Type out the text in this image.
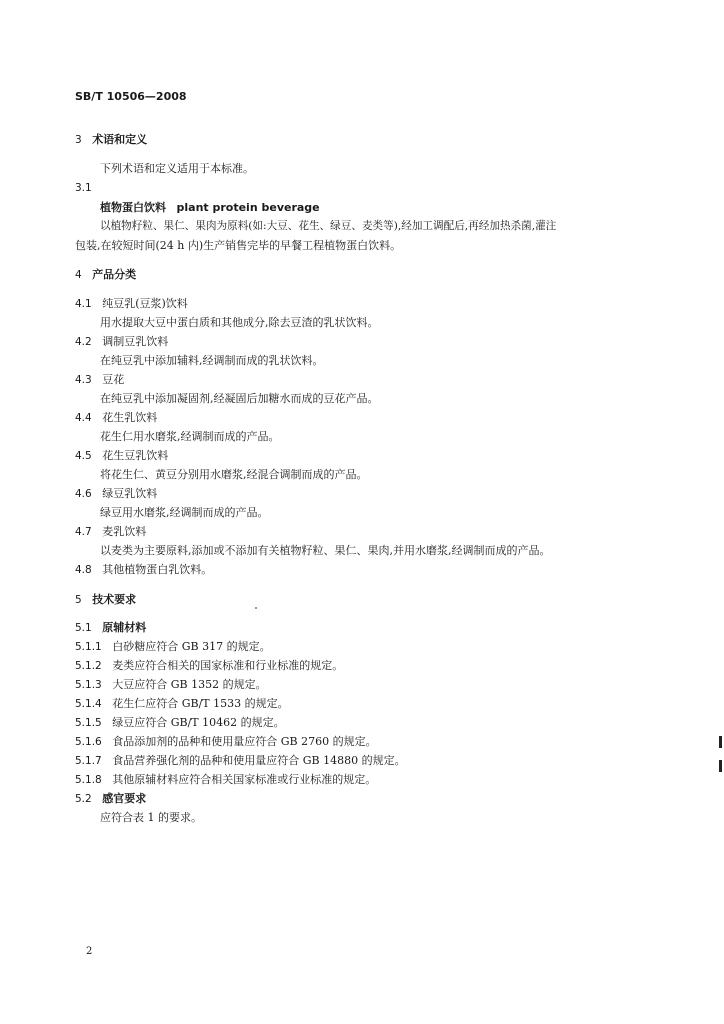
SB/T 10506—2008
3 术语和定义
下列术语和定义适用于本标准。
3.1
植物蛋白饮料 plant protein beverage
以植物籽粒、果仁、果肉为原料(如:大豆、花生、绿豆、麦类等),经加工调配后,再经加热杀菌,灌注
包装,在较短时间(24 h 内)生产销售完毕的早餐工程植物蛋白饮料。
4 产品分类
4.1 纯豆乳(豆浆)饮料
用水提取大豆中蛋白质和其他成分,除去豆渣的乳状饮料。
4.2 调制豆乳饮料
在纯豆乳中添加辅料,经调制而成的乳状饮料。
4.3 豆花
在纯豆乳中添加凝固剂,经凝固后加糖水而成的豆花产品。
4.4 花生乳饮料
花生仁用水磨浆,经调制而成的产品。
4.5 花生豆乳饮料
将花生仁、黄豆分别用水磨浆,经混合调制而成的产品。
4.6 绿豆乳饮料
绿豆用水磨浆,经调制而成的产品。
4.7 麦乳饮料
以麦类为主要原料,添加或不添加有关植物籽粒、果仁、果肉,并用水磨浆,经调制而成的产品。
4.8 其他植物蛋白乳饮料。
5 技术要求
5.1 原辅材料
5.1.1 白砂糖应符合 GB 317 的规定。
5.1.2 麦类应符合相关的国家标准和行业标准的规定。
5.1.3 大豆应符合 GB 1352 的规定。
5.1.4 花生仁应符合 GB/T 1533 的规定。
5.1.5 绿豆应符合 GB/T 10462 的规定。
5.1.6 食品添加剂的品种和使用量应符合 GB 2760 的规定。
5.1.7 食品营养强化剂的品种和使用量应符合 GB 14880 的规定。
5.1.8 其他原辅材料应符合相关国家标准或行业标准的规定。
5.2 感官要求
应符合表 1 的要求。
2
